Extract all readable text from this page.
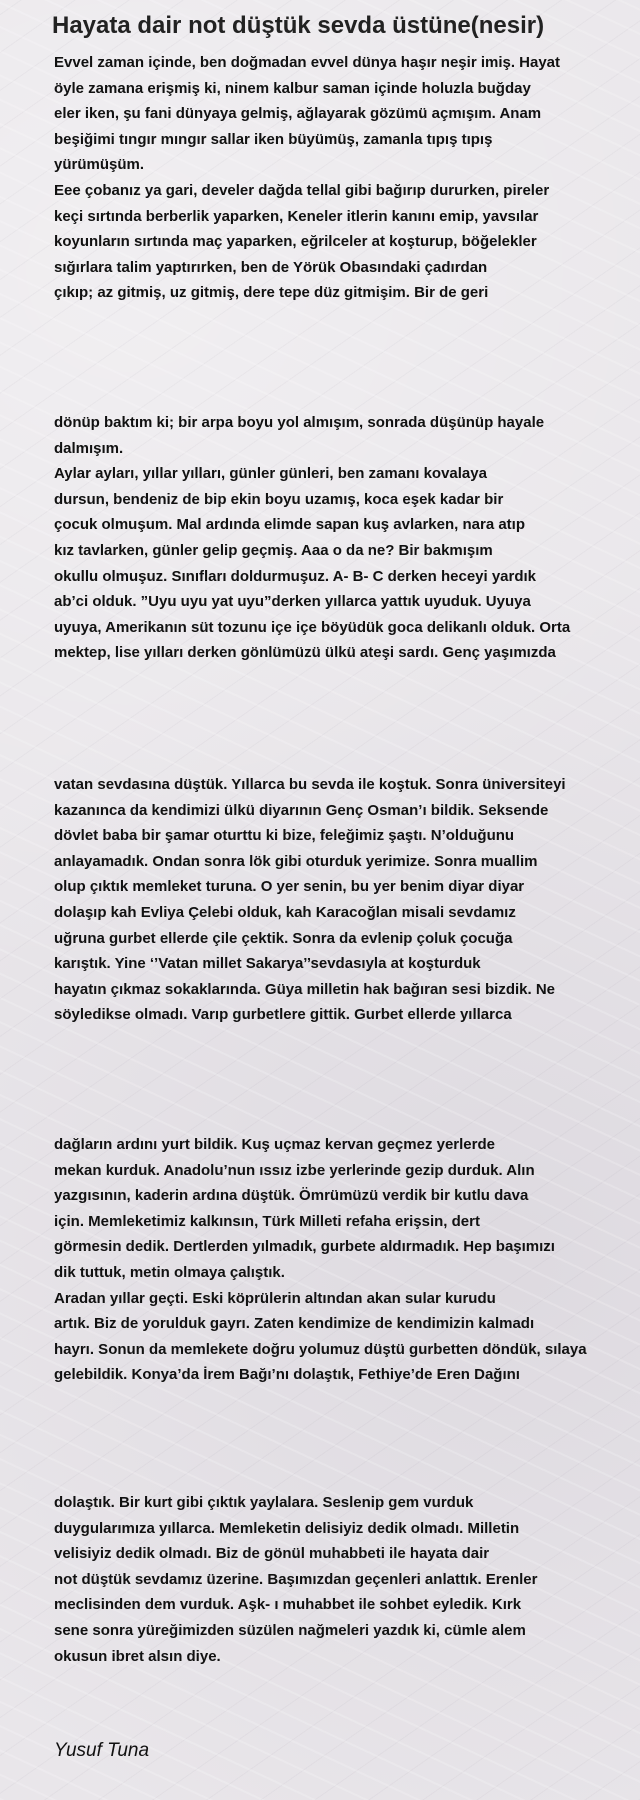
Hayata dair not düştük sevda üstüne(nesir)
Evvel zaman içinde, ben doğmadan evvel dünya haşır neşir imiş. Hayat
öyle zamana erişmiş ki, ninem kalbur saman içinde holuzla buğday
eler iken, şu fani dünyaya gelmiş, ağlayarak gözümü açmışım. Anam
beşiğimi tıngır mıngır sallar iken büyümüş, zamanla tıpış tıpış
yürümüşüm.
Eee çobanız ya gari, develer dağda tellal gibi bağırıp dururken, pireler
keçi sırtında berberlik yaparken, Keneler itlerin kanını emip, yavsılar
koyunların sırtında maç yaparken, eğrilceler at koşturup, böğelekler
sığırlara talim yaptırırken, ben de Yörük Obasındaki çadırdan
çıkıp; az gitmiş, uz gitmiş, dere tepe düz gitmişim. Bir de geri
dönüp baktım ki; bir arpa boyu yol almışım, sonrada düşünüp hayale
dalmışım.
Aylar ayları, yıllar yılları, günler günleri, ben zamanı kovalaya
dursun, bendeniz de bip ekin boyu uzamış, koca eşek kadar bir
çocuk olmuşum. Mal ardında elimde sapan kuş avlarken, nara atıp
kız tavlarken, günler gelip geçmiş. Aaa o da ne? Bir bakmışım
okullu olmuşuz. Sınıfları doldurmuşuz. A- B- C derken heceyi yardık
ab’ci olduk. ”Uyu uyu yat uyu”derken yıllarca yattık uyuduk. Uyuya
uyuya, Amerikanın süt tozunu içe içe böyüdük goca delikanlı olduk. Orta
mektep, lise yılları derken gönlümüzü ülkü ateşi sardı. Genç yaşımızda
vatan sevdasına düştük. Yıllarca bu sevda ile koştuk. Sonra üniversiteyi
kazanınca da kendimizi ülkü diyarının Genç Osman’ı bildik. Seksende
dövlet baba bir şamar oturttu ki bize, feleğimiz şaştı. N’olduğunu
anlayamadık. Ondan sonra lök gibi oturduk yerimize. Sonra muallim
olup çıktık memleket turuna. O yer senin, bu yer benim diyar diyar
dolaşıp kah Evliya Çelebi olduk, kah Karacoğlan misali sevdamız
uğruna gurbet ellerde çile çektik. Sonra da evlenip çoluk çocuğa
karıştık. Yine ‘’Vatan millet Sakarya’’sevdasıyla at koşturduk
hayatın çıkmaz sokaklarında. Güya milletin hak bağıran sesi bizdik. Ne
söyledikse olmadı. Varıp gurbetlere gittik. Gurbet ellerde yıllarca
dağların ardını yurt bildik. Kuş uçmaz kervan geçmez yerlerde
mekan kurduk. Anadolu’nun ıssız izbe yerlerinde gezip durduk. Alın
yazgısının, kaderin ardına düştük. Ömrümüzü verdik bir kutlu dava
için. Memleketimiz kalkınsın, Türk Milleti refaha erişsin, dert
görmesin dedik. Dertlerden yılmadık, gurbete aldırmadık. Hep başımızı
dik tuttuk, metin olmaya çalıştık.
Aradan yıllar geçti. Eski köprülerin altından akan sular kurudu
artık. Biz de yorulduk gayrı. Zaten kendimize de kendimizin kalmadı
hayrı. Sonun da memlekete doğru yolumuz düştü gurbetten döndük, sılaya
gelebildik. Konya’da İrem Bağı’nı dolaştık, Fethiye’de Eren Dağını
dolaştık. Bir kurt gibi çıktık yaylalara. Seslenip gem vurduk
duygularımıza yıllarca. Memleketin delisiyiz dedik olmadı. Milletin
velisiyiz dedik olmadı. Biz de gönül muhabbeti ile hayata dair
not düştük sevdamız üzerine. Başımızdan geçenleri anlattık. Erenler
meclisinden dem vurduk. Aşk- ı muhabbet ile sohbet eyledik. Kırk
sene sonra yüreğimizden süzülen nağmeleri yazdık ki, cümle alem
okusun ibret alsın diye.
Yusuf Tuna
